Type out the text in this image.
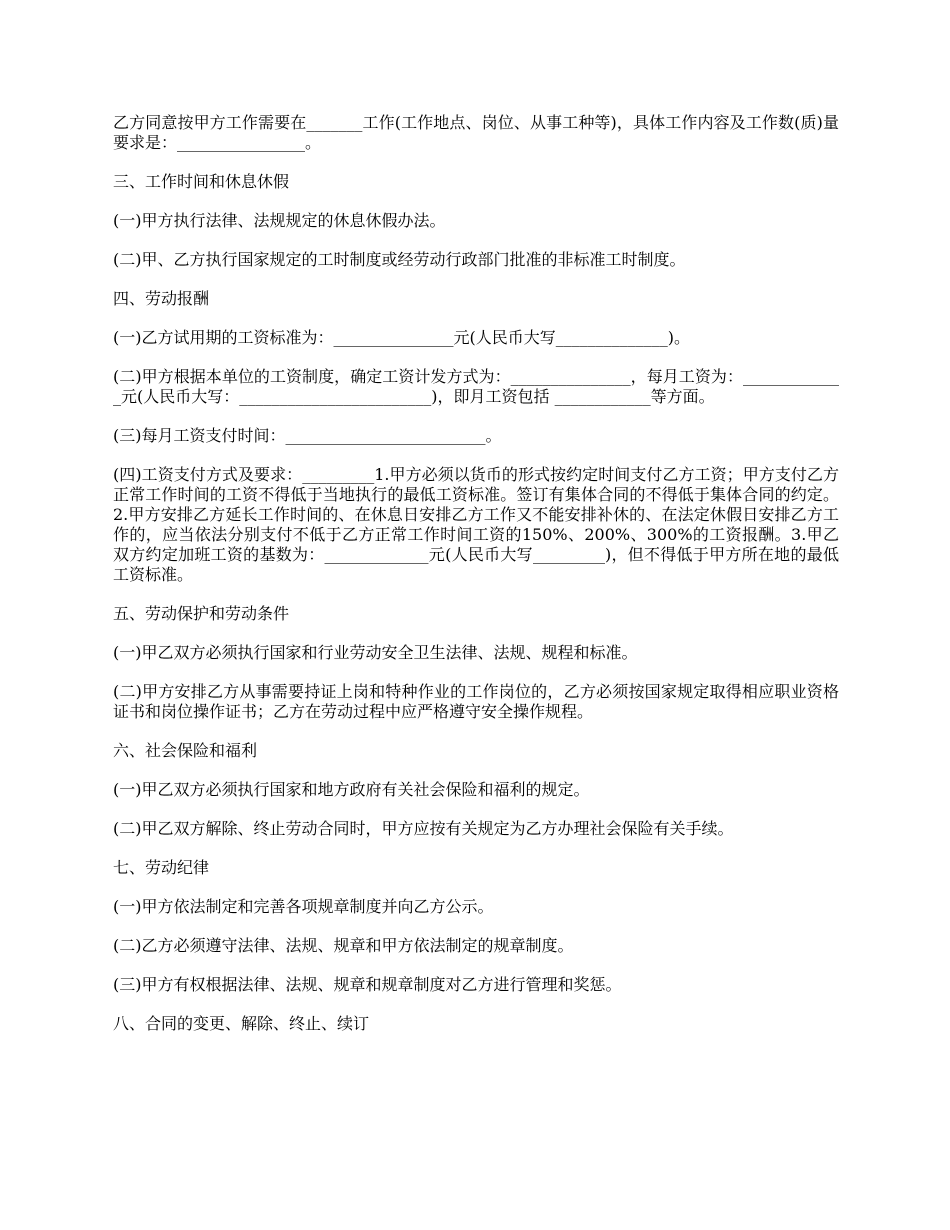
乙方同意按甲方工作需要在_______工作(工作地点、岗位、从事工种等)，具体工作内容及工作数(质)量要求是：________________。

三、工作时间和休息休假

(一)甲方执行法律、法规规定的休息休假办法。

(二)甲、乙方执行国家规定的工时制度或经劳动行政部门批准的非标准工时制度。

四、劳动报酬

(一)乙方试用期的工资标准为：_______________元(人民币大写______________)。

(二)甲方根据本单位的工资制度，确定工资计发方式为：_______________，每月工资为：_____________元(人民币大写：________________________)，即月工资包括 ____________等方面。

(三)每月工资支付时间：_________________________。

(四)工资支付方式及要求：_________1.甲方必须以货币的形式按约定时间支付乙方工资；甲方支付乙方正常工作时间的工资不得低于当地执行的最低工资标准。签订有集体合同的不得低于集体合同的约定。2.甲方安排乙方延长工作时间的、在休息日安排乙方工作又不能安排补休的、在法定休假日安排乙方工作的，应当依法分别支付不低于乙方正常工作时间工资的150%、200%、300%的工资报酬。3.甲乙双方约定加班工资的基数为：_____________元(人民币大写_________)，但不得低于甲方所在地的最低工资标准。

五、劳动保护和劳动条件

(一)甲乙双方必须执行国家和行业劳动安全卫生法律、法规、规程和标准。

(二)甲方安排乙方从事需要持证上岗和特种作业的工作岗位的，乙方必须按国家规定取得相应职业资格证书和岗位操作证书；乙方在劳动过程中应严格遵守安全操作规程。

六、社会保险和福利

(一)甲乙双方必须执行国家和地方政府有关社会保险和福利的规定。

(二)甲乙双方解除、终止劳动合同时，甲方应按有关规定为乙方办理社会保险有关手续。

七、劳动纪律

(一)甲方依法制定和完善各项规章制度并向乙方公示。

(二)乙方必须遵守法律、法规、规章和甲方依法制定的规章制度。

(三)甲方有权根据法律、法规、规章和规章制度对乙方进行管理和奖惩。

八、合同的变更、解除、终止、续订
